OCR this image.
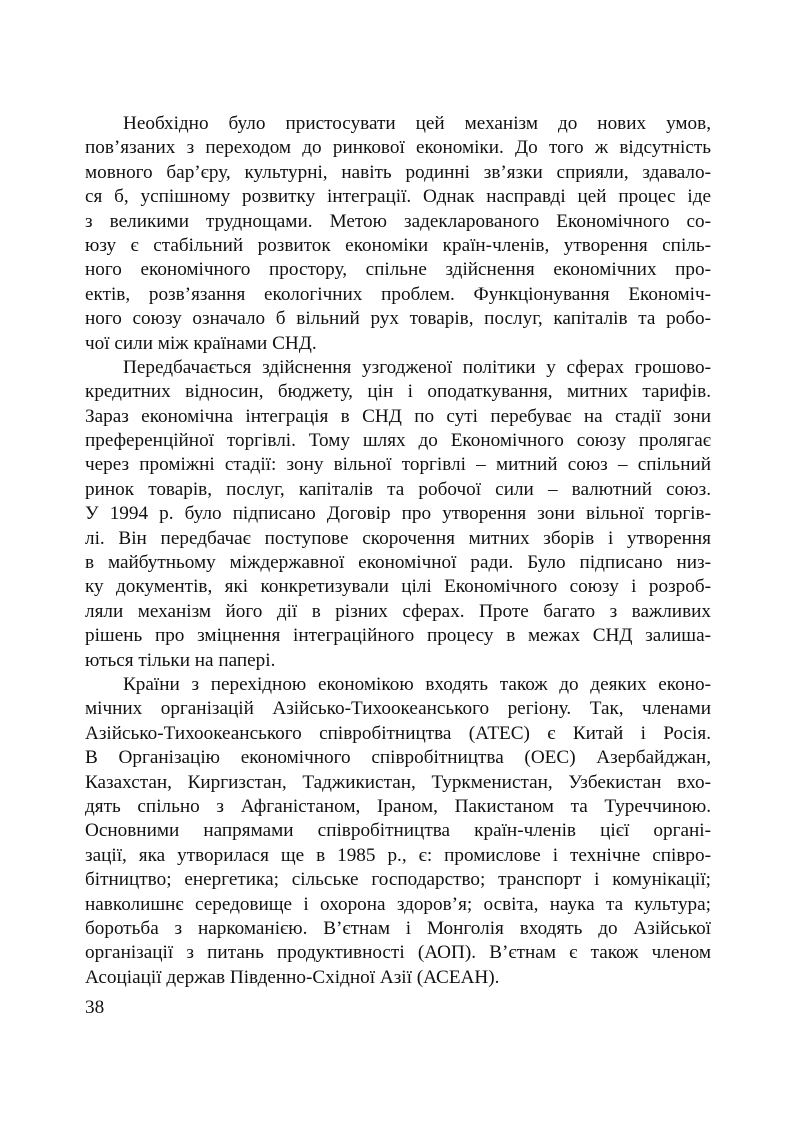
Необхідно було пристосувати цей механізм до нових умов,
пов’язаних з переходом до ринкової економіки. До того ж відсутність
мовного бар’єру, культурні, навіть родинні зв’язки сприяли, здавало-
ся б, успішному розвитку інтеграції. Однак насправді цей процес іде
з великими труднощами. Метою задекларованого Економічного со-
юзу є стабільний розвиток економіки країн-членів, утворення спіль-
ного економічного простору, спільне здійснення економічних про-
ектів, розв’язання екологічних проблем. Функціонування Економіч-
ного союзу означало б вільний рух товарів, послуг, капіталів та робо-
чої сили між країнами СНД.
Передбачається здійснення узгодженої політики у сферах грошово-
кредитних відносин, бюджету, цін і оподаткування, митних тарифів.
Зараз економічна інтеграція в СНД по суті перебуває на стадії зони
преференційної торгівлі. Тому шлях до Економічного союзу пролягає
через проміжні стадії: зону вільної торгівлі – митний союз – спільний
ринок товарів, послуг, капіталів та робочої сили – валютний союз.
У 1994 р. було підписано Договір про утворення зони вільної торгів-
лі. Він передбачає поступове скорочення митних зборів і утворення
в майбутньому міждержавної економічної ради. Було підписано низ-
ку документів, які конкретизували цілі Економічного союзу і розроб-
ляли механізм його дії в різних сферах. Проте багато з важливих
рішень про зміцнення інтеграційного процесу в межах СНД залиша-
ються тільки на папері.
Країни з перехідною економікою входять також до деяких еконо-
мічних організацій Азійсько-Тихоокеанського регіону. Так, членами
Азійсько-Тихоокеанського співробітництва (АТЕС) є Китай і Росія.
В Організацію економічного співробітництва (ОЕС) Азербайджан,
Казахстан, Киргизстан, Таджикистан, Туркменистан, Узбекистан вхо-
дять спільно з Афганістаном, Іраном, Пакистаном та Туреччиною.
Основними напрямами співробітництва країн-членів цієї органі-
зації, яка утворилася ще в 1985 р., є: промислове і технічне співро-
бітництво; енергетика; сільське господарство; транспорт і комунікації;
навколишнє середовище і охорона здоров’я; освіта, наука та культура;
боротьба з наркоманією. В’єтнам і Монголія входять до Азійської
організації з питань продуктивності (АОП). В’єтнам є також членом
Асоціації держав Південно-Східної Азії (АСЕАН).
38
